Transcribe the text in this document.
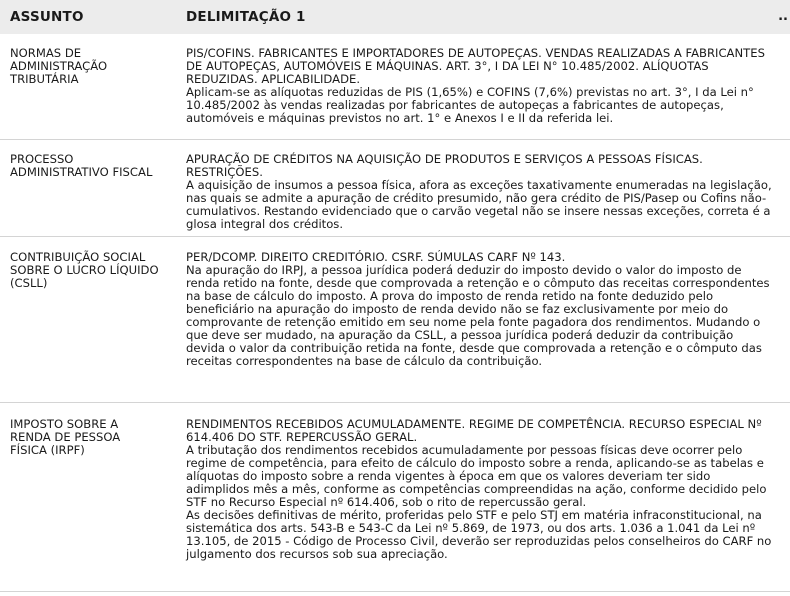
ASSUNTO	DELIMITAÇÃO 1	..
NORMAS DE
ADMINISTRAÇÃO
TRIBUTÁRIA

PIS/COFINS. FABRICANTES E IMPORTADORES DE AUTOPEÇAS. VENDAS REALIZADAS A FABRICANTES DE AUTOPEÇAS, AUTOMÓVEIS E MÁQUINAS. ART. 3°, I DA LEI N° 10.485/2002. ALÍQUOTAS REDUZIDAS. APLICABILIDADE.

Aplicam-se as alíquotas reduzidas de PIS (1,65%) e COFINS (7,6%) previstas no art. 3°, I da Lei n° 10.485/2002 às vendas realizadas por fabricantes de autopeças a fabricantes de autopeças, automóveis e máquinas previstos no art. 1° e Anexos I e II da referida lei.

PROCESSO
ADMINISTRATIVO FISCAL

APURAÇÃO DE CRÉDITOS NA AQUISIÇÃO DE PRODUTOS E SERVIÇOS A PESSOAS FÍSICAS. RESTRIÇÕES.

A aquisição de insumos a pessoa física, afora as exceções taxativamente enumeradas na legislação, nas quais se admite a apuração de crédito presumido, não gera crédito de PIS/Pasep ou Cofins não-cumulativos. Restando evidenciado que o carvão vegetal não se insere nessas exceções, correta é a glosa integral dos créditos.

CONTRIBUIÇÃO SOCIAL
SOBRE O LUCRO LÍQUIDO
(CSLL)

PER/DCOMP. DIREITO CREDITÓRIO. CSRF. SÚMULAS CARF Nº 143.

Na apuração do IRPJ, a pessoa jurídica poderá deduzir do imposto devido o valor do imposto de renda retido na fonte, desde que comprovada a retenção e o cômputo das receitas correspondentes na base de cálculo do imposto. A prova do imposto de renda retido na fonte deduzido pelo beneficiário na apuração do imposto de renda devido não se faz exclusivamente por meio do comprovante de retenção emitido em seu nome pela fonte pagadora dos rendimentos. Mudando o que deve ser mudado, na apuração da CSLL, a pessoa jurídica poderá deduzir da contribuição devida o valor da contribuição retida na fonte, desde que comprovada a retenção e o cômputo das receitas correspondentes na base de cálculo da contribuição.

IMPOSTO SOBRE A
RENDA DE PESSOA
FÍSICA (IRPF)

RENDIMENTOS RECEBIDOS ACUMULADAMENTE. REGIME DE COMPETÊNCIA. RECURSO ESPECIAL Nº 614.406 DO STF. REPERCUSSÃO GERAL.

A tributação dos rendimentos recebidos acumuladamente por pessoas físicas deve ocorrer pelo regime de competência, para efeito de cálculo do imposto sobre a renda, aplicando-se as tabelas e alíquotas do imposto sobre a renda vigentes à época em que os valores deveriam ter sido adimplidos mês a mês, conforme as competências compreendidas na ação, conforme decidido pelo STF no Recurso Especial nº 614.406, sob o rito de repercussão geral.

As decisões definitivas de mérito, proferidas pelo STF e pelo STJ em matéria infraconstitucional, na sistemática dos arts. 543-B e 543-C da Lei nº 5.869, de 1973, ou dos arts. 1.036 a 1.041 da Lei nº 13.105, de 2015 - Código de Processo Civil, deverão ser reproduzidas pelos conselheiros do CARF no julgamento dos recursos sob sua apreciação.
